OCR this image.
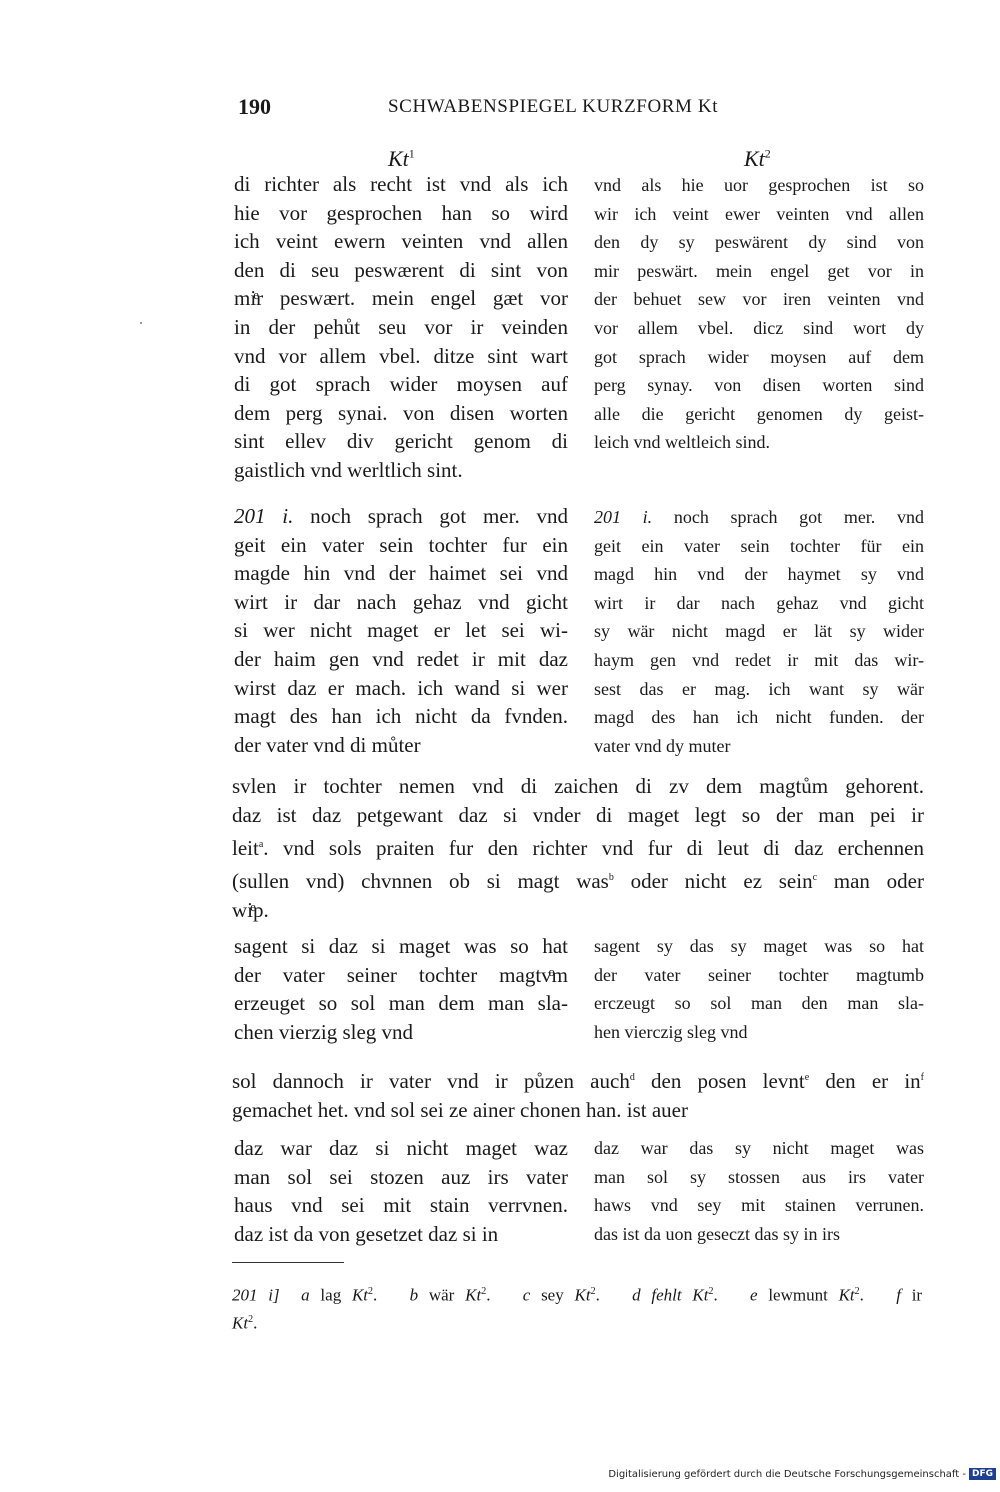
190	SCHWABENSPIEGEL KURZFORM Kt
Kt$^1$	Kt$^2$
di richter als recht ist vnd als ich
hie vor gesprochen han so wird
ich veint ewern veinten vnd allen
den di seu peswærent di sint von
miͤr peswært. mein engel gæt vor
in der pehůt seu vor ir veinden
vnd vor allem vbel. ditze sint wart
di got sprach wider moysen auf
dem perg synai. von disen worten
sint ellev div gericht genom di
gaistlich vnd werltlich sint.
201 i. noch sprach got mer. vnd
geit ein vater sein tochter fur ein
magde hin vnd der haimet sei vnd
wirt ir dar nach gehaz vnd gicht
si wer nicht maget er let sei wi-
der haim gen vnd redet ir mit daz
wirst daz er mach. ich wand si wer
magt des han ich nicht da fvnden.
der vater vnd di můter
sagent si daz si maget was so hat
der vater seiner tochter magtvͦm
erzeuget so sol man dem man sla-
chen vierzig sleg vnd
daz war daz si nicht maget waz
man sol sei stozen auz irs vater
haus vnd sei mit stain verrvnen.
daz ist da von gesetzet daz si in
vnd als hie uor gesprochen ist so
wir ich veint ewer veinten vnd allen
den dy sy peswärent dy sind von
mir peswärt. mein engel get vor in
der behuet sew vor iren veinten vnd
vor allem vbel. dicz sind wort dy
got sprach wider moysen auf dem
perg synay. von disen worten sind
alle die gericht genomen dy geist-
leich vnd weltleich sind.
201 i. noch sprach got mer. vnd
geit ein vater sein tochter für ein
magd hin vnd der haymet sy vnd
wirt ir dar nach gehaz vnd gicht
sy wär nicht magd er lät sy wider
haym gen vnd redet ir mit das wir-
sest das er mag. ich want sy wär
magd des han ich nicht funden. der
vater vnd dy muter
sagent sy das sy maget was so hat
der vater seiner tochter magtumb
erczeugt so sol man den man sla-
hen vierczig sleg vnd
daz war das sy nicht maget was
man sol sy stossen aus irs vater
haws vnd sey mit stainen verrunen.
das ist da uon geseczt das sy in irs
svlen ir tochter nemen vnd di zaichen di zv dem magtům gehorent.
daz ist daz petgewant daz si vnder di maget legt so der man pei ir
leit$^a$. vnd sols praiten fur den richter vnd fur di leut di daz erchennen
(sullen vnd) chvnnen ob si magt was$^b$ oder nicht ez sein$^c$ man oder
wiͤp.
sol dannoch ir vater vnd ir půzen auch$^d$ den posen levnt$^e$ den er $in^f$
gemachet het. vnd sol sei ze ainer chonen han. ist auer
201 i] a lag Kt$^2$.   b wär Kt$^2$.   c sey Kt$^2$.   d fehlt Kt$^2$.   e lewmunt Kt$^2$.   f ir
Kt$^2$.
Digitalisierung gefördert durch die Deutsche Forschungsgemeinschaft - DFG
